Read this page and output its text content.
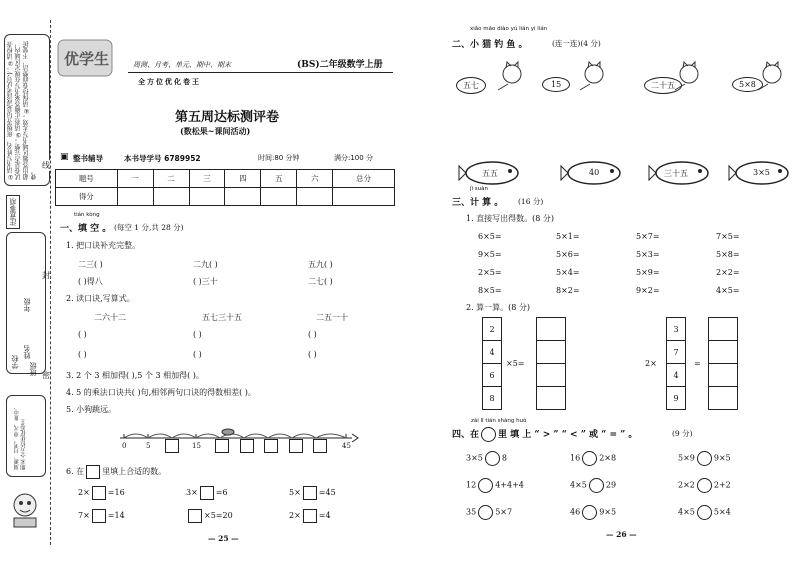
①请书写姓名、班级等信息(或涂考试号)；②请检查试卷是否完整；③请将正确答案书写在规定区域内，超出答题区域书写无效；④请保持卷面整洁，不要折叠。
注意事项
线
封
密
年级
姓名
学校 班级
周测、月考、单元、期中、期末 全方位优化卷王
优学生	周测、月考、单元、期中、期末
全方位优化卷王
(BS)二年级数学上册
第五周达标测评卷
(数松果~课间活动)
▣ 整书辅导	本书导学号 6789952	时间:80 分钟	满分:100 分
题号	一	二	三	四	五	六	总分
得分							
tián kòng
一、填 空 。 (每空 1 分,共 28 分)
1. 把口诀补充完整。
二三( )	二九( )	五九( )
( )得八	( )三十	二七( )
2. 读口诀,写算式。
二六十二	五七三十五	二五一十
( )	( )	( )
( )	( )	( )
3. 2 个 3 相加得( ),5 个 3 相加得( )。
4. 5 的乘法口诀共( )句,相邻两句口诀的得数相差( )。
5. 小狗跳远。
0	5	15	45
6. 在 里填上合适的数。
2× =16	3× =6	5× =45
7× =14	×5=20	2× =4
— 25 —
xiǎo māo diào yú lián yi lián
二、小 猫 钓 鱼 。	(连一连)(4 分)
五七	15	二十五	5×8
五五	40	三十五	3×5
jì suàn
三、计 算 。 (16 分)
1. 直接写出得数。(8 分)
6×5=	5×1=	5×7=	7×5=
9×5=	5×6=	5×3=	5×8=
2×5=	5×4=	5×9=	2×2=
8×5=	8×2=	9×2=	4×5=
2. 算一算。(8 分)
2
4
6
8
×5=	2×
3
7
4
9
=
zài lǐ tián shàng huò
四、在 里 填 上 “ > ” “ < ” 或 “ = ” 。	(9 分)
3×5 8	16 2×8	5×9 9×5
12 4+4+4	4×5 29	2×2 2+2
35 5×7	46 9×5	4×5 5×4
— 26 —
